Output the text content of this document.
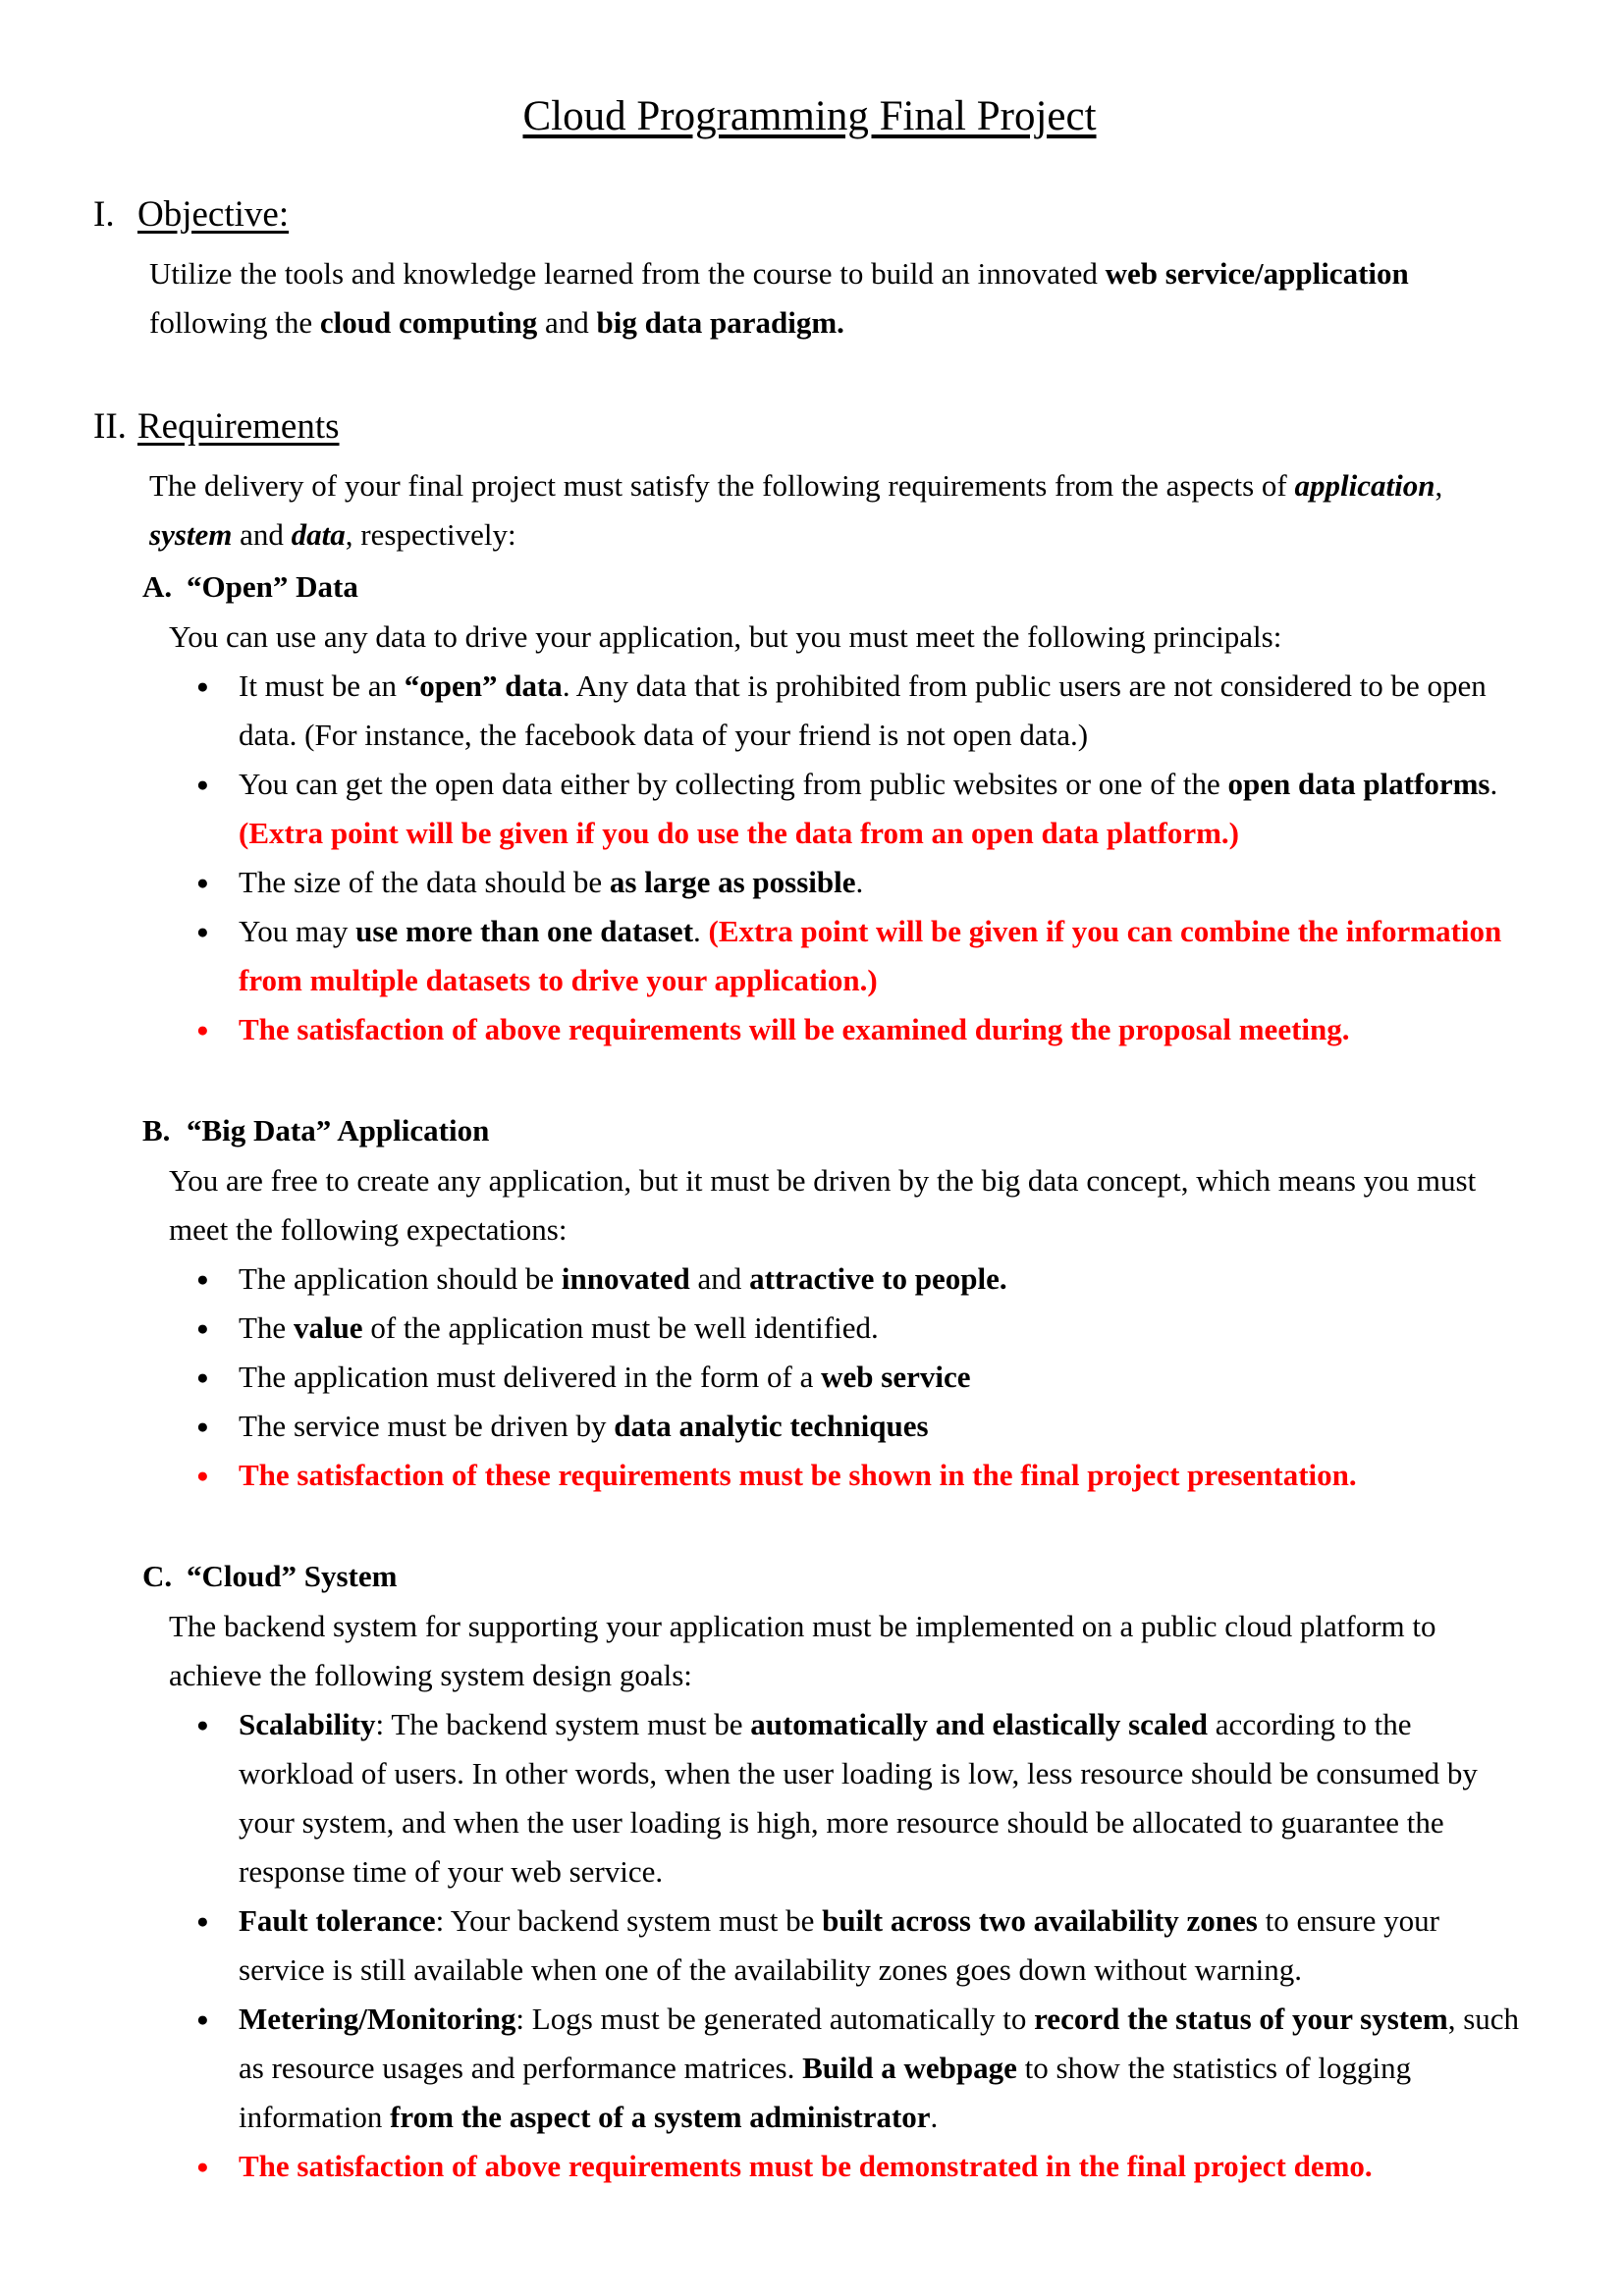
Cloud Programming Final Project
I. Objective:
Utilize the tools and knowledge learned from the course to build an innovated web service/application following the cloud computing and big data paradigm.
II. Requirements
The delivery of your final project must satisfy the following requirements from the aspects of application, system and data, respectively:
A. “Open” Data
You can use any data to drive your application, but you must meet the following principals:
● It must be an “open” data. Any data that is prohibited from public users are not considered to be open data. (For instance, the facebook data of your friend is not open data.)
● You can get the open data either by collecting from public websites or one of the open data platforms. (Extra point will be given if you do use the data from an open data platform.)
● The size of the data should be as large as possible.
● You may use more than one dataset. (Extra point will be given if you can combine the information from multiple datasets to drive your application.)
● The satisfaction of above requirements will be examined during the proposal meeting.
B. “Big Data” Application
You are free to create any application, but it must be driven by the big data concept, which means you must meet the following expectations:
● The application should be innovated and attractive to people.
● The value of the application must be well identified.
● The application must delivered in the form of a web service
● The service must be driven by data analytic techniques
● The satisfaction of these requirements must be shown in the final project presentation.
C. “Cloud” System
The backend system for supporting your application must be implemented on a public cloud platform to achieve the following system design goals:
● Scalability: The backend system must be automatically and elastically scaled according to the workload of users. In other words, when the user loading is low, less resource should be consumed by your system, and when the user loading is high, more resource should be allocated to guarantee the response time of your web service.
● Fault tolerance: Your backend system must be built across two availability zones to ensure your service is still available when one of the availability zones goes down without warning.
● Metering/Monitoring: Logs must be generated automatically to record the status of your system, such as resource usages and performance matrices. Build a webpage to show the statistics of logging information from the aspect of a system administrator.
● The satisfaction of above requirements must be demonstrated in the final project demo.
